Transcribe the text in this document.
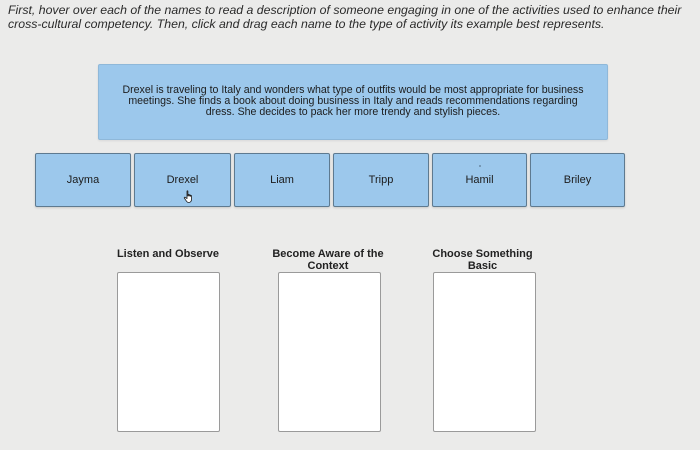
First, hover over each of the names to read a description of someone engaging in one of the activities used to enhance their cross-cultural competency. Then, click and drag each name to the type of activity its example best represents.
Drexel is traveling to Italy and wonders what type of outfits would be most appropriate for business meetings. She finds a book about doing business in Italy and reads recommendations regarding dress. She decides to pack her more trendy and stylish pieces.
Jayma	Drexel	Liam	Tripp	Hamil	Briley
Listen and Observe	Become Aware of the Context
Choose Something Basic
